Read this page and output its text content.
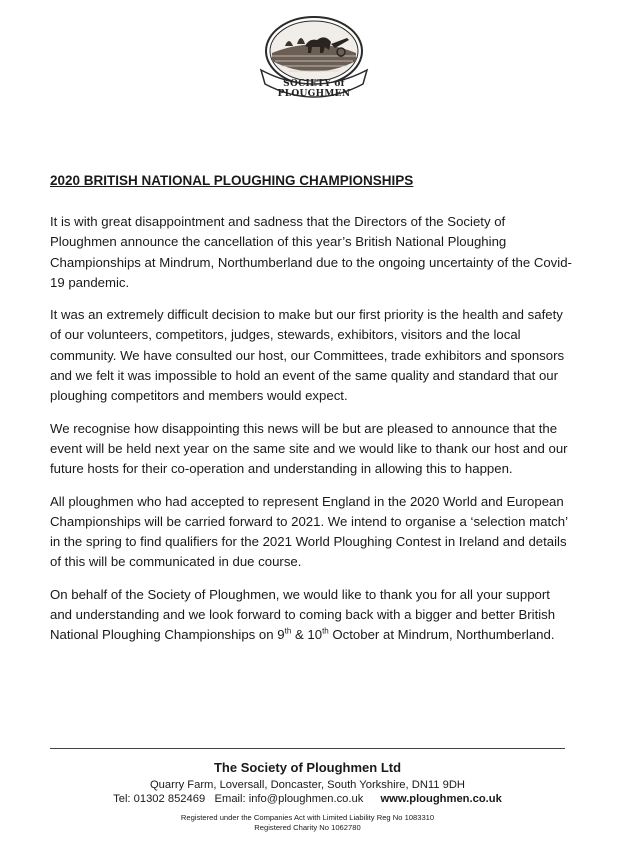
SOCIETY of PLOUGHMEN
2020 BRITISH NATIONAL PLOUGHING CHAMPIONSHIPS

It is with great disappointment and sadness that the Directors of the Society of Ploughmen announce the cancellation of this year’s British National Ploughing Championships at Mindrum, Northumberland due to the ongoing uncertainty of the Covid-19 pandemic.

It was an extremely difficult decision to make but our first priority is the health and safety of our volunteers, competitors, judges, stewards, exhibitors, visitors and the local community. We have consulted our host, our Committees, trade exhibitors and sponsors and we felt it was impossible to hold an event of the same quality and standard that our ploughing competitors and members would expect.

We recognise how disappointing this news will be but are pleased to announce that the event will be held next year on the same site and we would like to thank our host and our future hosts for their co-operation and understanding in allowing this to happen.

All ploughmen who had accepted to represent England in the 2020 World and European Championships will be carried forward to 2021. We intend to organise a ‘selection match’ in the spring to find qualifiers for the 2021 World Ploughing Contest in Ireland and details of this will be communicated in due course.

On behalf of the Society of Ploughmen, we would like to thank you for all your support and understanding and we look forward to coming back with a bigger and better British National Ploughing Championships on 9th & 10th October at Mindrum, Northumberland.

The Society of Ploughmen Ltd

Quarry Farm, Loversall, Doncaster, South Yorkshire, DN11 9DH

Tel: 01302 852469 Email: info@ploughmen.co.uk www.ploughmen.co.uk

Registered under the Companies Act with Limited Liability Reg No 1083310

Registered Charity No 1062780
